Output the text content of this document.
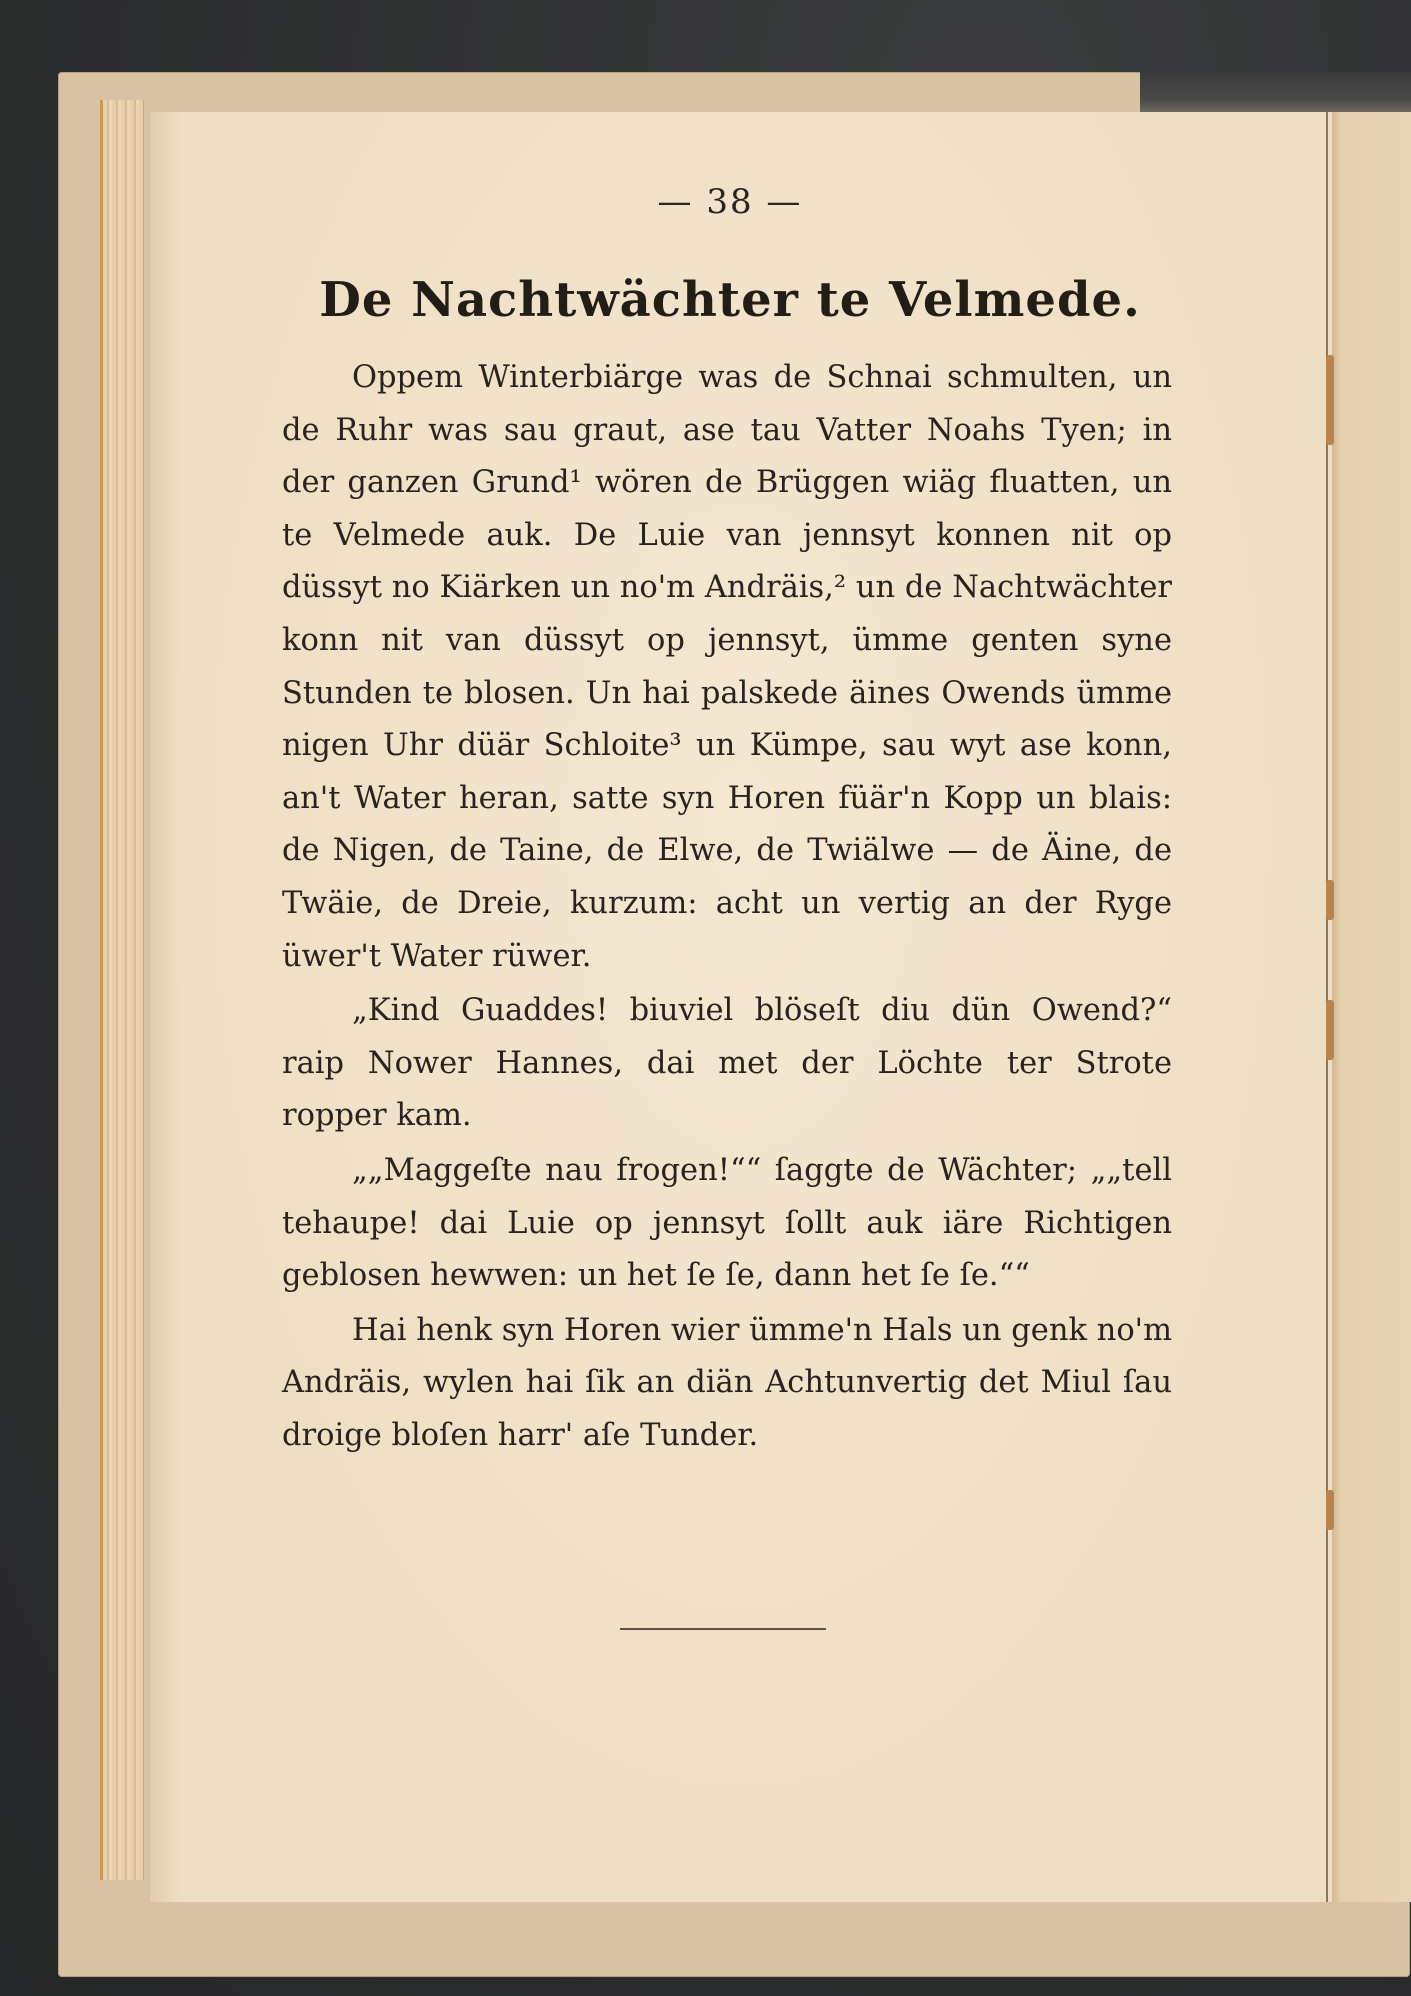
— 38 —
De Nachtwächter te Velmede.

Oppem Winterbiärge was de Schnai schmulten, un de Ruhr was sau graut, ase tau Vatter Noahs Tyen; in der ganzen Grund¹ wören de Brüggen wiäg fluatten, un te Velmede auk. De Luie van jennsyt konnen nit op düssyt no Kiärken un no'm Andräis,² un de Nachtwächter konn nit van düssyt op jennsyt, ümme genten syne Stunden te blosen. Un hai palskede äines Owends ümme nigen Uhr düär Schloite³ un Kümpe, sau wyt ase konn, an't Water heran, satte syn Horen füär'n Kopp un blais: de Nigen, de Taine, de Elwe, de Twiälwe — de Äine, de Twäie, de Dreie, kurzum: acht un vertig an der Ryge üwer't Water rüwer.

„Kind Guaddes! biuviel blöseſt diu dün Owend?“ raip Nower Hannes, dai met der Löchte ter Strote ropper kam.

„„Maggeſte nau frogen!““ ſaggte de Wächter; „„tell tehaupe! dai Luie op jennsyt ſollt auk iäre Richtigen geblosen hewwen: un het ſe ſe, dann het ſe ſe.““

Hai henk syn Horen wier ümme'n Hals un genk no'm Andräis, wylen hai ſik an diän Achtunvertig det Miul ſau droige bloſen harr' aſe Tunder.
